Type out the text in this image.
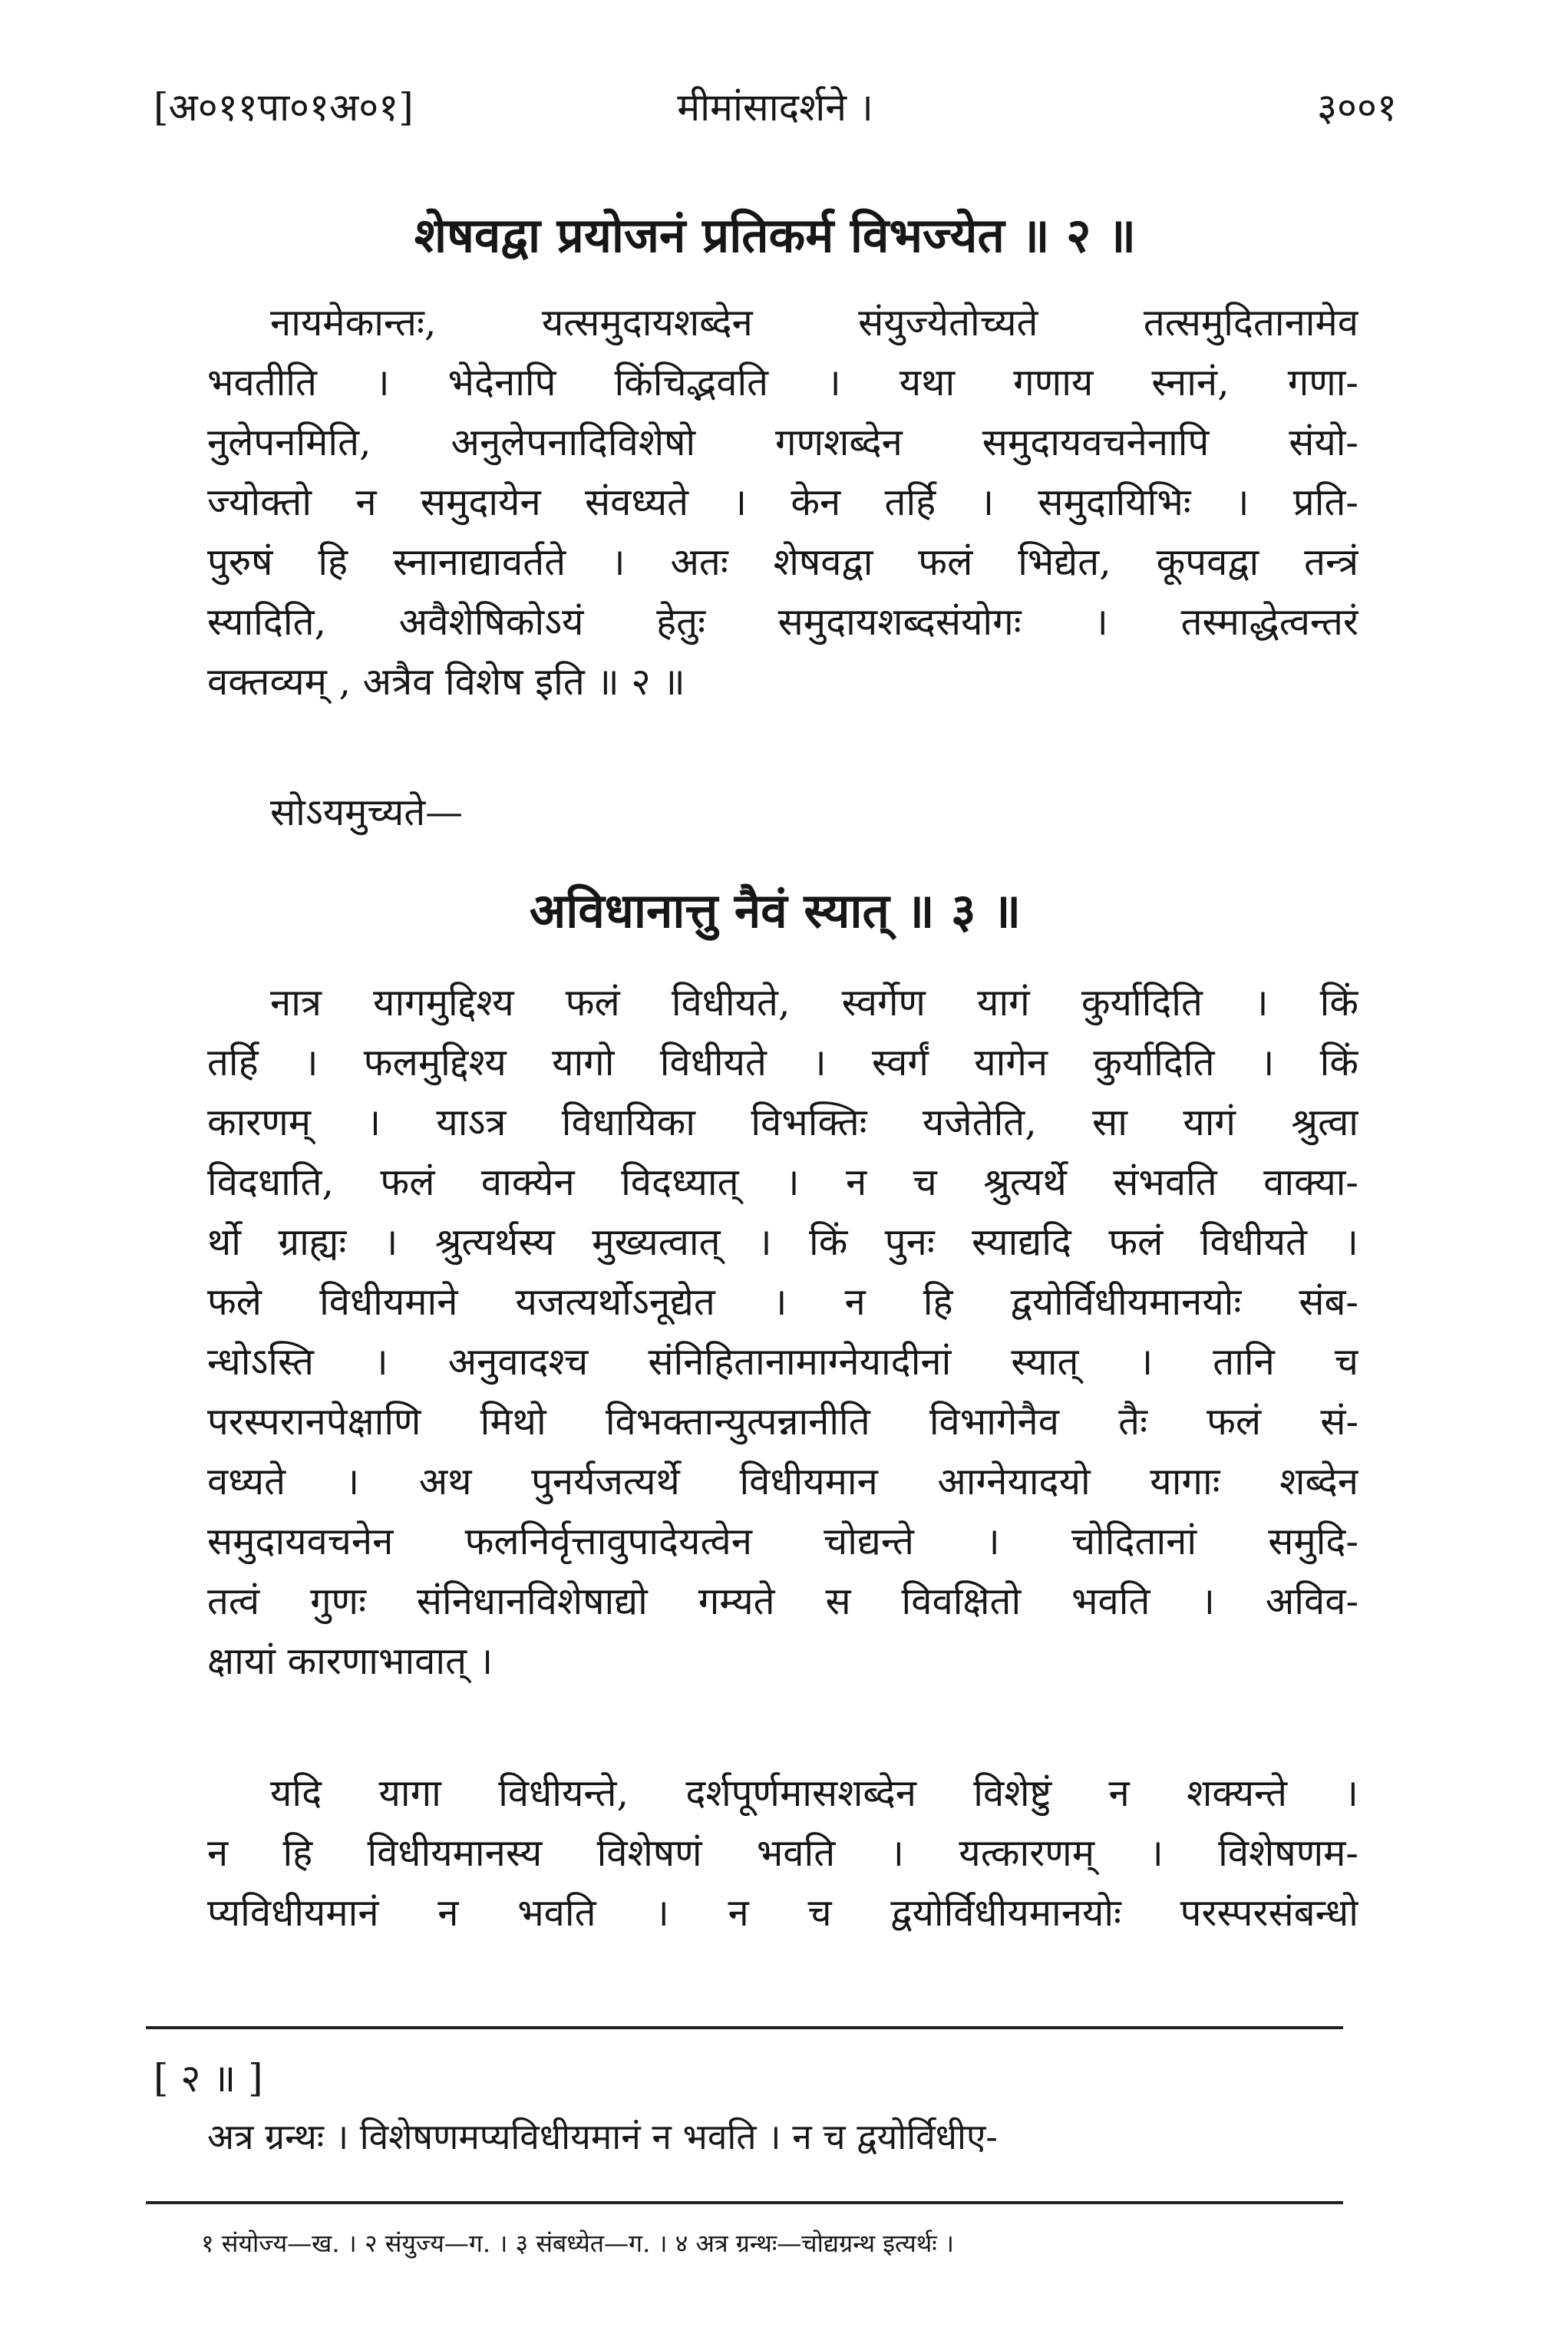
[अ०११पा०१अ०१]	मीमांसादर्शने ।	३००१
शेषवद्वा प्रयोजनं प्रतिकर्म विभज्येत ॥ २ ॥
नायमेकान्तः, यत्समुदायशब्देन संयुज्येतोच्यते तत्समुदितानामेव
भवतीति । भेदेनापि किंचिद्भवति । यथा गणाय स्नानं, गणा-
नुलेपनमिति, अनुलेपनादिविशेषो गणशब्देन समुदायवचनेनापि संयो-
ज्योक्तो न समुदायेन संवध्यते । केन तर्हि । समुदायिभिः । प्रति-
पुरुषं हि स्नानाद्यावर्तते । अतः शेषवद्वा फलं भिद्येत, कूपवद्वा तन्त्रं
स्यादिति, अवैशेषिकोऽयं हेतुः समुदायशब्दसंयोगः । तस्माद्धेत्वन्तरं
वक्तव्यम् , अत्रैव विशेष इति ॥ २ ॥
सोऽयमुच्यते—
अविधानात्तु नैवं स्यात् ॥ ३ ॥
नात्र यागमुद्दिश्य फलं विधीयते, स्वर्गेण यागं कुर्यादिति । किं
तर्हि । फलमुद्दिश्य यागो विधीयते । स्वर्गं यागेन कुर्यादिति । किं
कारणम् । याऽत्र विधायिका विभक्तिः यजेतेति, सा यागं श्रुत्वा
विदधाति, फलं वाक्येन विदध्यात् । न च श्रुत्यर्थे संभवति वाक्या-
र्थो ग्राह्यः । श्रुत्यर्थस्य मुख्यत्वात् । किं पुनः स्याद्यदि फलं विधीयते ।
फले विधीयमाने यजत्यर्थोऽनूद्येत । न हि द्वयोर्विधीयमानयोः संब-
न्धोऽस्ति । अनुवादश्च संनिहितानामाग्नेयादीनां स्यात् । तानि च
परस्परानपेक्षाणि मिथो विभक्तान्युत्पन्नानीति विभागेनैव तैः फलं सं-
वध्यते । अथ पुनर्यजत्यर्थे विधीयमान आग्नेयादयो यागाः शब्देन
समुदायवचनेन फलनिर्वृत्तावुपादेयत्वेन चोद्यन्ते । चोदितानां समुदि-
तत्वं गुणः संनिधानविशेषाद्यो गम्यते स विवक्षितो भवति । अविव-
क्षायां कारणाभावात् ।
यदि यागा विधीयन्ते, दर्शपूर्णमासशब्देन विशेष्टुं न शक्यन्ते ।
न हि विधीयमानस्य विशेषणं भवति । यत्कारणम् । विशेषणम-
प्यविधीयमानं न भवति । न च द्वयोर्विधीयमानयोः परस्परसंबन्धो
[ २ ॥ ]
अत्र ग्रन्थः । विशेषणमप्यविधीयमानं न भवति । न च द्वयोर्विधीए-
१ संयोज्य—ख. । २ संयुज्य—ग. । ३ संबध्येत—ग. । ४ अत्र ग्रन्थः—चोद्यग्रन्थ इत्यर्थः ।
